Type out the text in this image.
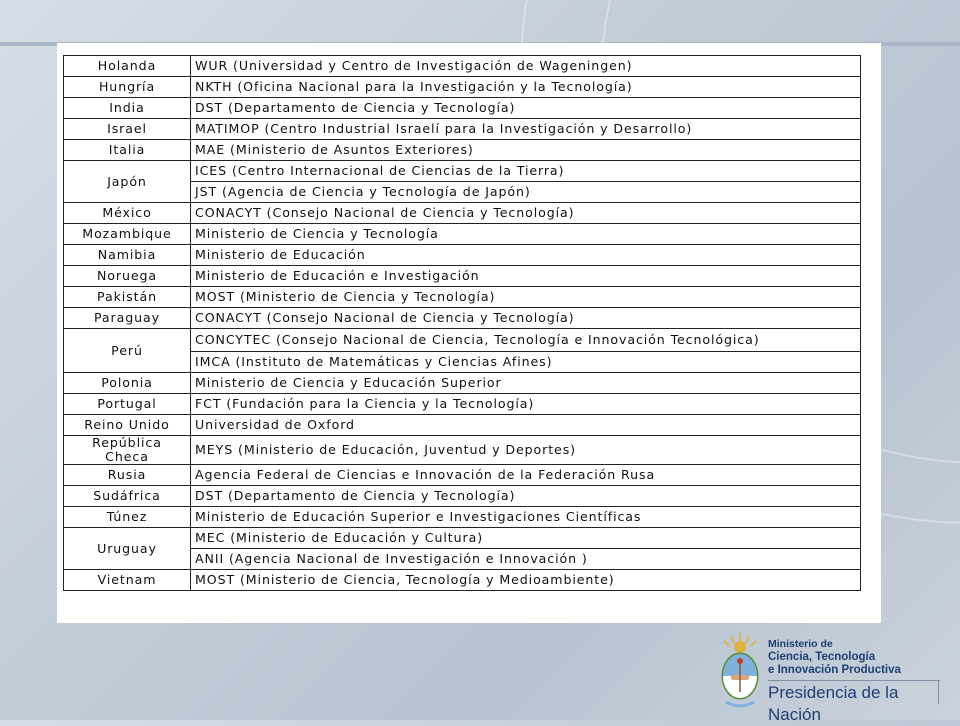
Holanda	WUR (Universidad y Centro de Investigación de Wageningen)
Hungría	NKTH (Oficina Nacional para la Investigación y la Tecnología)
India	DST (Departamento de Ciencia y Tecnología)
Israel	MATIMOP (Centro Industrial Israelí para la Investigación y Desarrollo)
Italia	MAE (Ministerio de Asuntos Exteriores)
Japón	ICES (Centro Internacional de Ciencias de la Tierra)
	JST (Agencia de Ciencia y Tecnología de Japón)
México	CONACYT (Consejo Nacional de Ciencia y Tecnología)
Mozambique	Ministerio de Ciencia y Tecnología
Namibia	Ministerio de Educación
Noruega	Ministerio de Educación e Investigación
Pakistán	MOST (Ministerio de Ciencia y Tecnología)
Paraguay	CONACYT (Consejo Nacional de Ciencia y Tecnología)
Perú	CONCYTEC (Consejo Nacional de Ciencia, Tecnología e Innovación Tecnológica)
	IMCA (Instituto de Matemáticas y Ciencias Afines)
Polonia	Ministerio de Ciencia y Educación Superior
Portugal	FCT (Fundación para la Ciencia y la Tecnología)
Reino Unido	Universidad de Oxford
República Checa	MEYS (Ministerio de Educación, Juventud y Deportes)
Rusia	Agencia Federal de Ciencias e Innovación de la Federación Rusa
Sudáfrica	DST (Departamento de Ciencia y Tecnología)
Túnez	Ministerio de Educación Superior e Investigaciones Científicas
Uruguay	MEC (Ministerio de Educación y Cultura)
	ANII (Agencia Nacional de Investigación e Innovación )
Vietnam	MOST (Ministerio de Ciencia, Tecnología y Medioambiente)
Ministerio de
Ciencia, Tecnología
e Innovación Productiva
Presidencia de la Nación
